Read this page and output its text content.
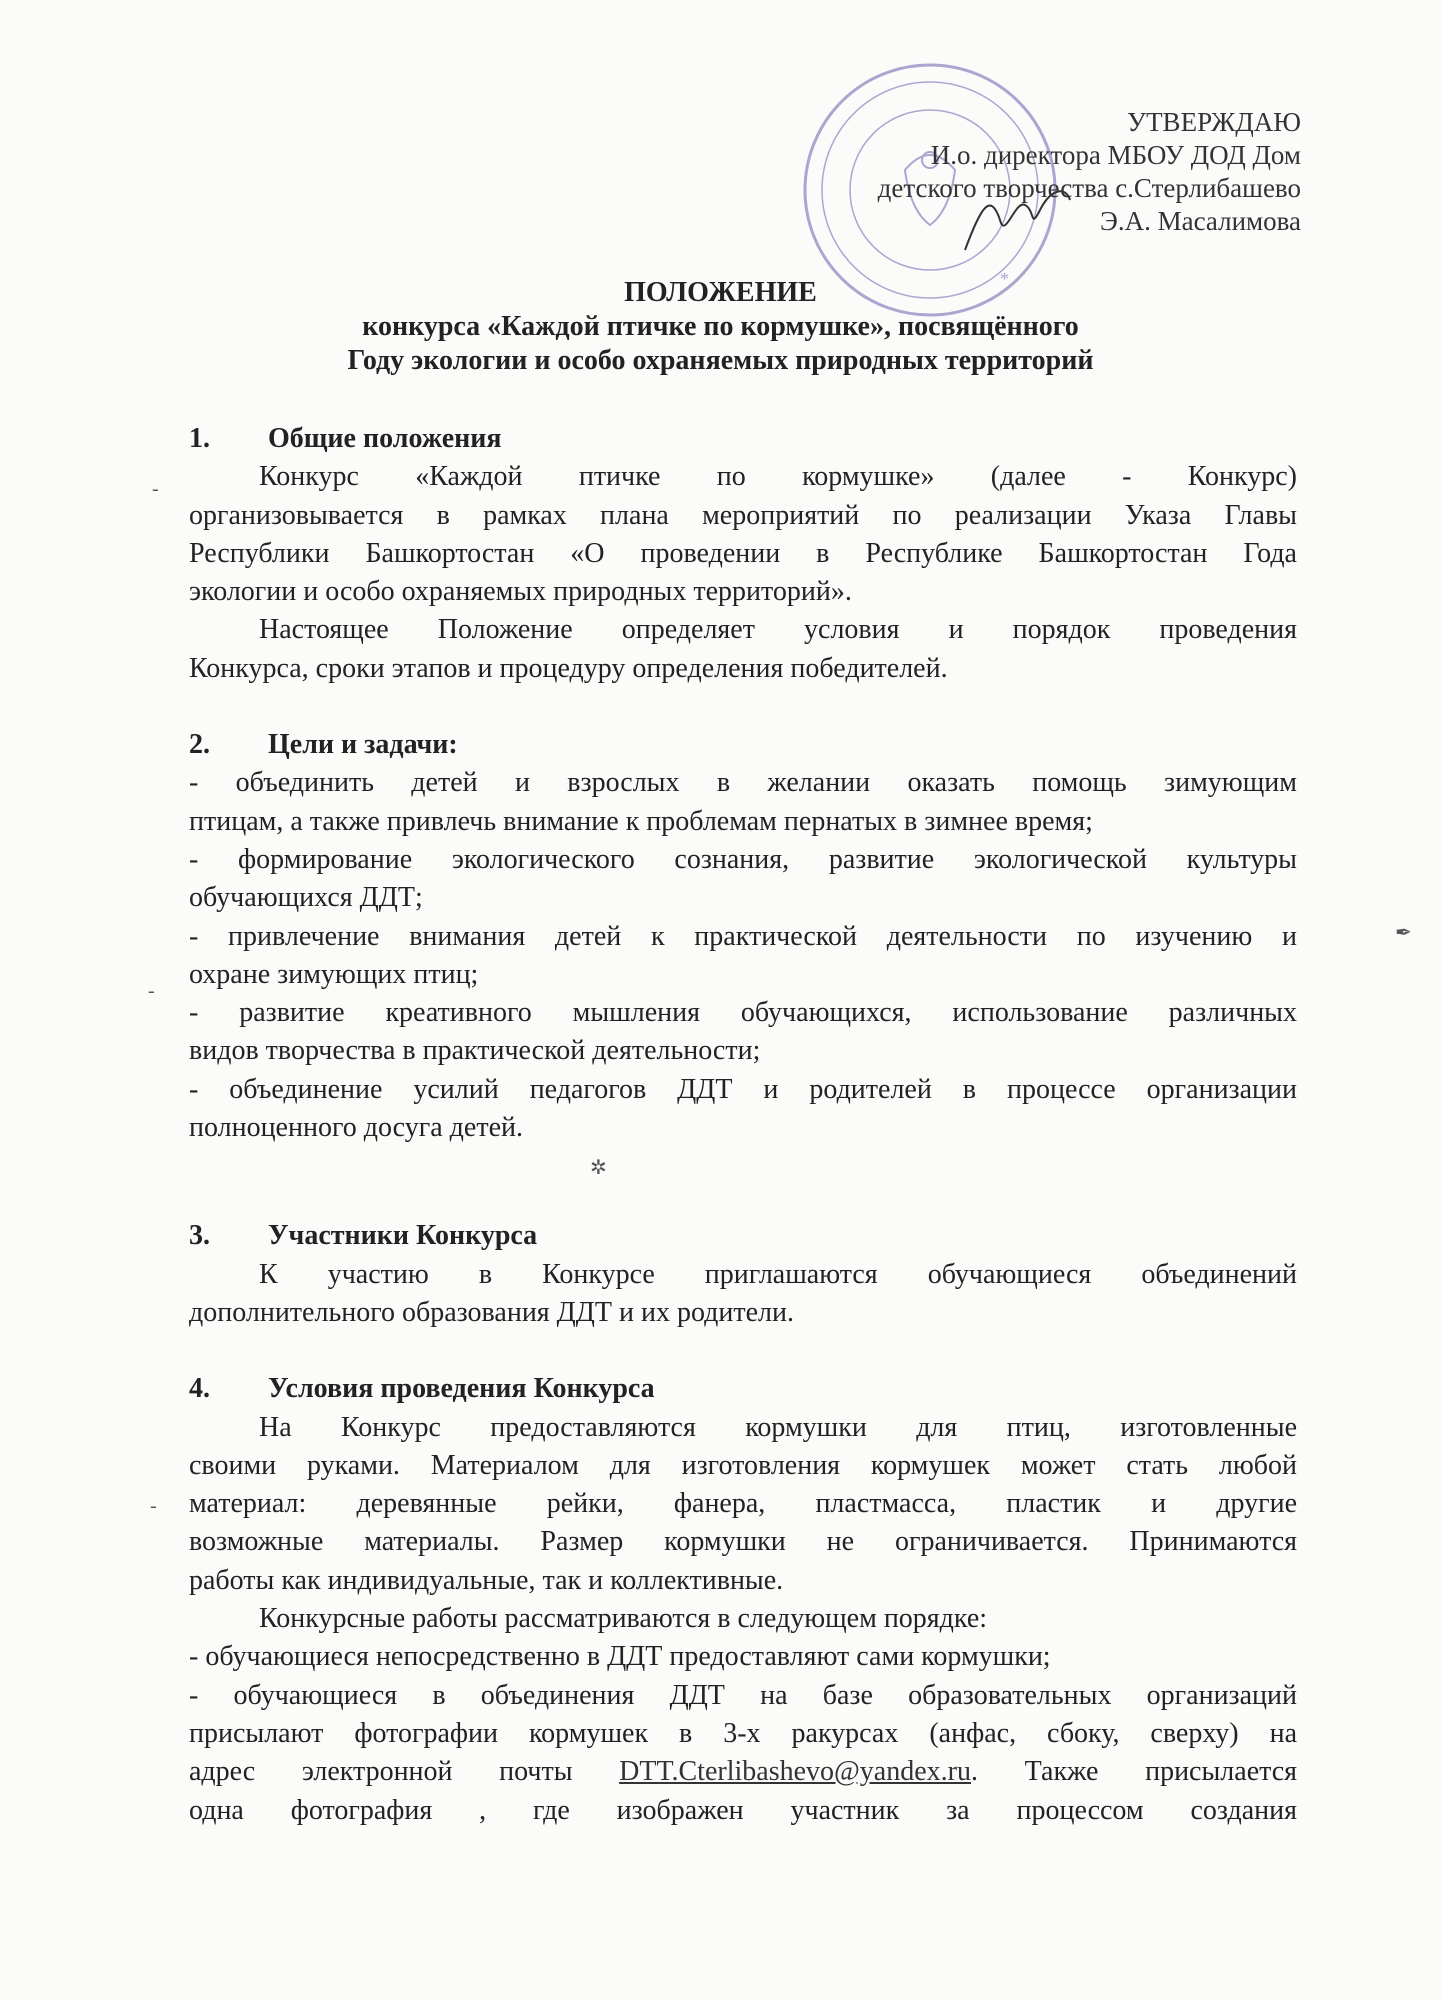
*
УТВЕРЖДАЮ
И.о. директора МБОУ ДОД Дом
детского творчества с.Стерлибашево
Э.А. Масалимова
ПОЛОЖЕНИЕ
конкурса «Каждой птичке по кормушке», посвящённого
Году экологии и особо охраняемых природных территорий
1.	Общие положения
Конкурс «Каждой птичке по кормушке» (далее - Конкурс)
организовывается в рамках плана мероприятий по реализации Указа Главы
Республики Башкортостан «О проведении в Республике Башкортостан Года
экологии и особо охраняемых природных территорий».
Настоящее Положение определяет условия и порядок проведения
Конкурса, сроки этапов и процедуру определения победителей.
2.	Цели и задачи:
- объединить детей и взрослых в желании оказать помощь зимующим
птицам, а также привлечь внимание к проблемам пернатых в зимнее время;
- формирование экологического сознания, развитие экологической культуры
обучающихся ДДТ;
- привлечение внимания детей к практической деятельности по изучению и
охране зимующих птиц;
- развитие креативного мышления обучающихся, использование различных
видов творчества в практической деятельности;
- объединение усилий педагогов ДДТ и родителей в процессе организации
полноценного досуга детей.
3.	Участники Конкурса
К участию в Конкурсе приглашаются обучающиеся объединений
дополнительного образования ДДТ и их родители.
4.	Условия проведения Конкурса
На Конкурс предоставляются кормушки для птиц, изготовленные
своими руками. Материалом для изготовления кормушек может стать любой
материал: деревянные рейки, фанера, пластмасса, пластик и другие
возможные материалы. Размер кормушки не ограничивается. Принимаются
работы как индивидуальные, так и коллективные.
Конкурсные работы рассматриваются в следующем порядке:
- обучающиеся непосредственно в ДДТ предоставляют сами кормушки;
- обучающиеся в объединения ДДТ на базе образовательных организаций
присылают фотографии кормушек в 3-х ракурсах (анфас, сбоку, сверху) на
адрес электронной почты DTT.Cterlibashevo@yandex.ru. Также присылается
одна фотография , где изображен участник за процессом создания
-
-
-
✒
✲
